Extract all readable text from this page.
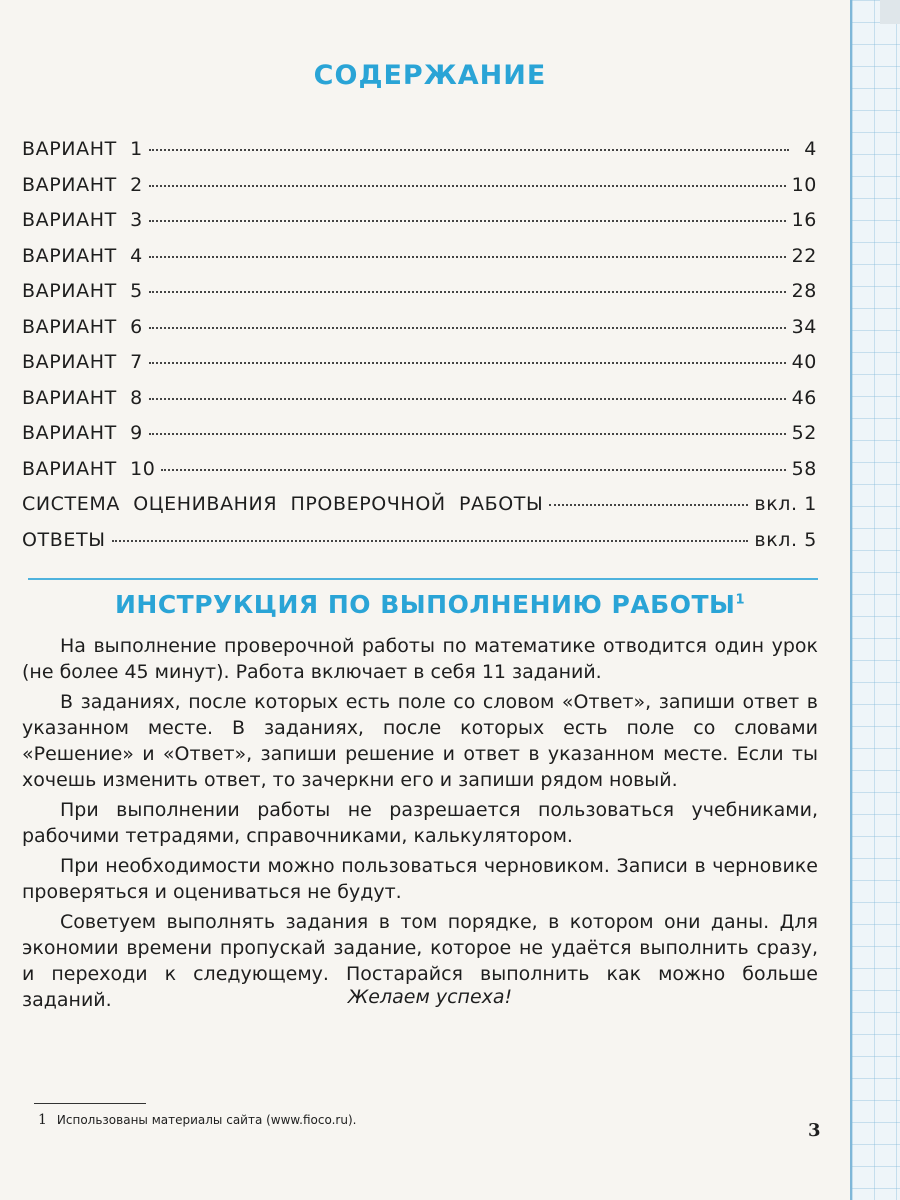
СОДЕРЖАНИЕ
ВАРИАНТ  1	4
ВАРИАНТ  2	10
ВАРИАНТ  3	16
ВАРИАНТ  4	22
ВАРИАНТ  5	28
ВАРИАНТ  6	34
ВАРИАНТ  7	40
ВАРИАНТ  8	46
ВАРИАНТ  9	52
ВАРИАНТ  10	58
СИСТЕМА  ОЦЕНИВАНИЯ  ПРОВЕРОЧНОЙ  РАБОТЫ	вкл. 1
ОТВЕТЫ	вкл. 5
ИНСТРУКЦИЯ ПО ВЫПОЛНЕНИЮ РАБОТЫ$^1$

На выполнение проверочной работы по математике отводится один урок (не более 45 минут). Работа включает в себя 11 заданий.

В заданиях, после которых есть поле со словом «Ответ», запиши ответ в указанном месте. В заданиях, после которых есть поле со словами «Решение» и «Ответ», запиши решение и ответ в указанном месте. Если ты хочешь изменить ответ, то зачеркни его и запиши рядом новый.

При выполнении работы не разрешается пользоваться учебниками, рабочими тетрадями, справочниками, калькулятором.

При необходимости можно пользоваться черновиком. Записи в черновике проверяться и оцениваться не будут.

Советуем выполнять задания в том порядке, в котором они даны. Для экономии времени пропускай задание, которое не удаётся выполнить сразу, и переходи к следующему. Постарайся выполнить как можно больше заданий.	Желаем успеха!
1 Использованы материалы сайта (www.fioco.ru).	3
